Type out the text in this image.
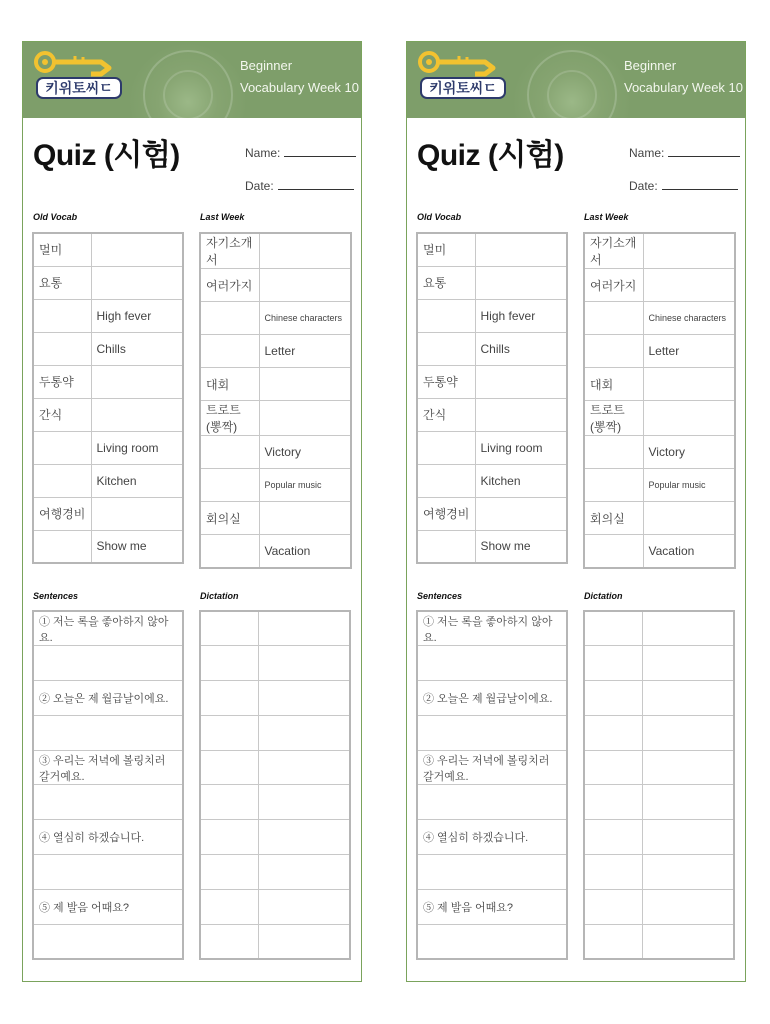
키위토씨ㄷ
Beginner
Vocabulary Week 10
Quiz (시험)	Name:
Date:
Old Vocab	Last Week
멀미	
요통	
	High fever
	Chills
두통약	
간식	
	Living room
	Kitchen
여행경비	
	Show me
자기소개서	
여러가지	
	Chinese characters
	Letter
대회	
트로트 (뽕짝)	
	Victory
	Popular music
회의실	
	Vacation
Sentences	Dictation
① 저는 록을 좋아하지 않아요.

② 오늘은 제 월급날이에요.

③ 우리는 저녁에 볼링치러 갈거예요.

④ 열심히 하겠습니다.

⑤ 제 발음 어때요?

키위토씨ㄷ
Beginner
Vocabulary Week 10
Quiz (시험)	Name:
Date:
Old Vocab	Last Week
멀미	
요통	
	High fever
	Chills
두통약	
간식	
	Living room
	Kitchen
여행경비	
	Show me
자기소개서	
여러가지	
	Chinese characters
	Letter
대회	
트로트 (뽕짝)	
	Victory
	Popular music
회의실	
	Vacation
Sentences	Dictation
① 저는 록을 좋아하지 않아요.

② 오늘은 제 월급날이에요.

③ 우리는 저녁에 볼링치러 갈거예요.

④ 열심히 하겠습니다.

⑤ 제 발음 어때요?
